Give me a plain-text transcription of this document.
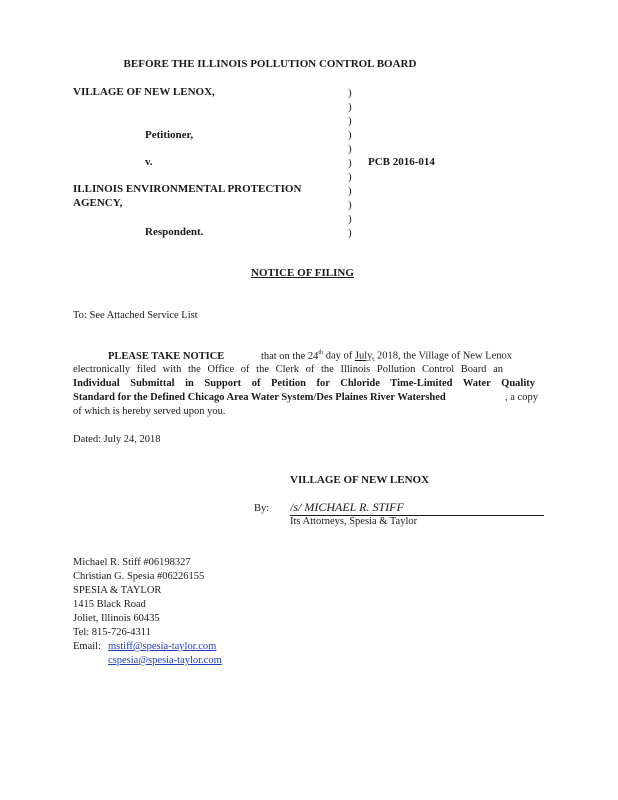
BEFORE THE ILLINOIS POLLUTION CONTROL BOARD
VILLAGE OF NEW LENOX,
Petitioner,
v.	PCB 2016-014
ILLINOIS ENVIRONMENTAL PROTECTION
AGENCY,
Respondent.
)
)
)
)
)
)
)
)
)
)
)
NOTICE OF FILING
To: See Attached Service List
PLEASE TAKE NOTICE	that on the 24th day of July, 2018, the Village of New Lenox
electronically filed with the Office of the Clerk of the Illinois Pollution Control Board an
Individual Submittal in Support of Petition for Chloride Time-Limited Water Quality
Standard for the Defined Chicago Area Water System/Des Plaines River Watershed	, a copy
of which is hereby served upon you.
Dated: July 24, 2018
VILLAGE OF NEW LENOX
By: /s/ MICHAEL R. STIFF
Its Attorneys, Spesia & Taylor
Michael R. Stiff #06198327
Christian G. Spesia #06226155
SPESIA & TAYLOR
1415 Black Road
Joliet, Illinois 60435
Tel: 815-726-4311
Email: mstiff@spesia-taylor.com
cspesia@spesia-taylor.com
